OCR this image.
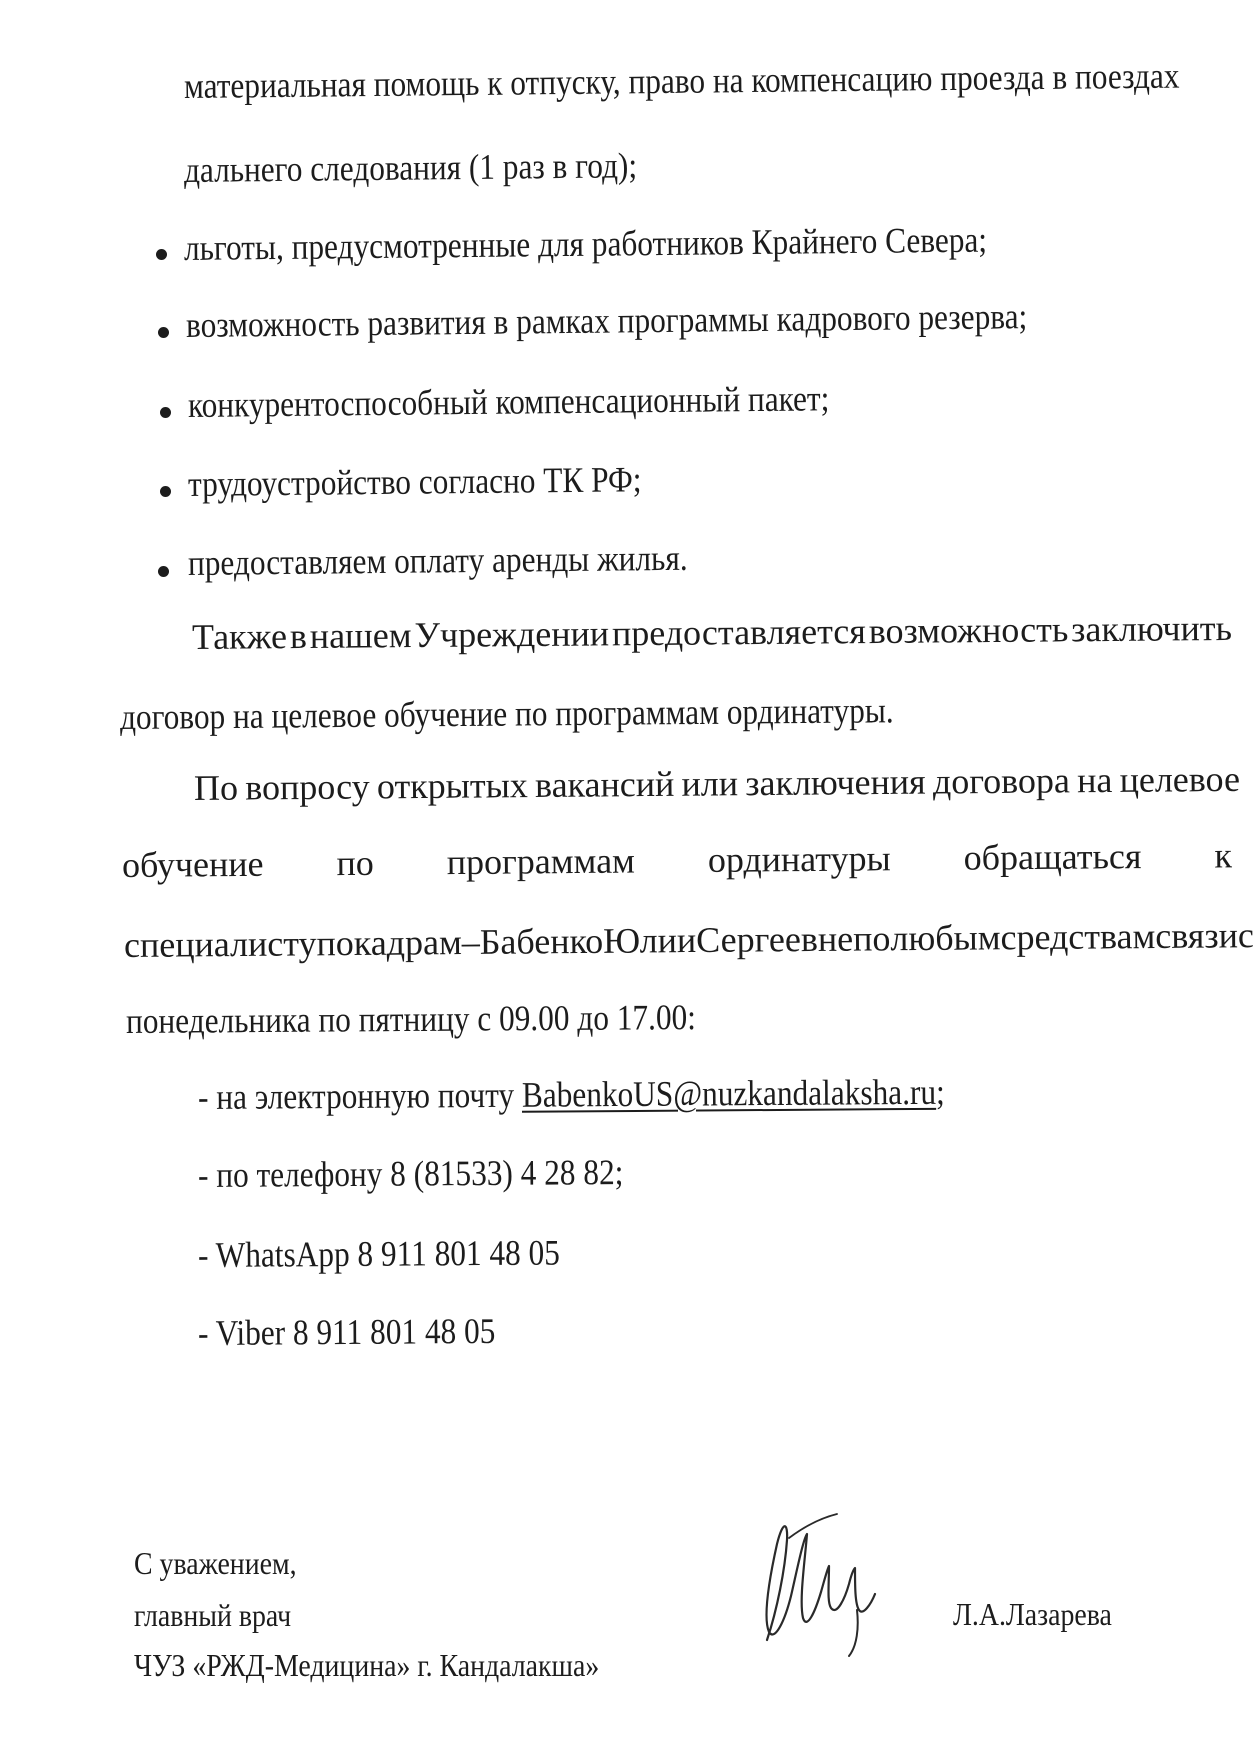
материальная помощь к отпуску, право на компенсацию проезда в поездах
дальнего следования (1 раз в год);
льготы, предусмотренные для работников Крайнего Севера;
возможность развития в рамках программы кадрового резерва;
конкурентоспособный компенсационный пакет;
трудоустройство согласно ТК РФ;
предоставляем оплату аренды жилья.
Также в нашем Учреждении предоставляется возможность заключить
договор на целевое обучение по программам ординатуры.
По вопросу открытых вакансий или заключения договора на целевое
обучение по программам ординатуры обращаться к
специалисту по кадрам – Бабенко Юлии Сергеевне по любым средствам связи с
понедельника по пятницу с 09.00 до 17.00:
- на электронную почту BabenkoUS@nuzkandalaksha.ru;
- по телефону 8 (81533) 4 28 82;
- WhatsApp 8 911 801 48 05
- Viber 8 911 801 48 05
С уважением,
главный врач
ЧУЗ «РЖД-Медицина» г. Кандалакша»
Л.А.Лазарева
